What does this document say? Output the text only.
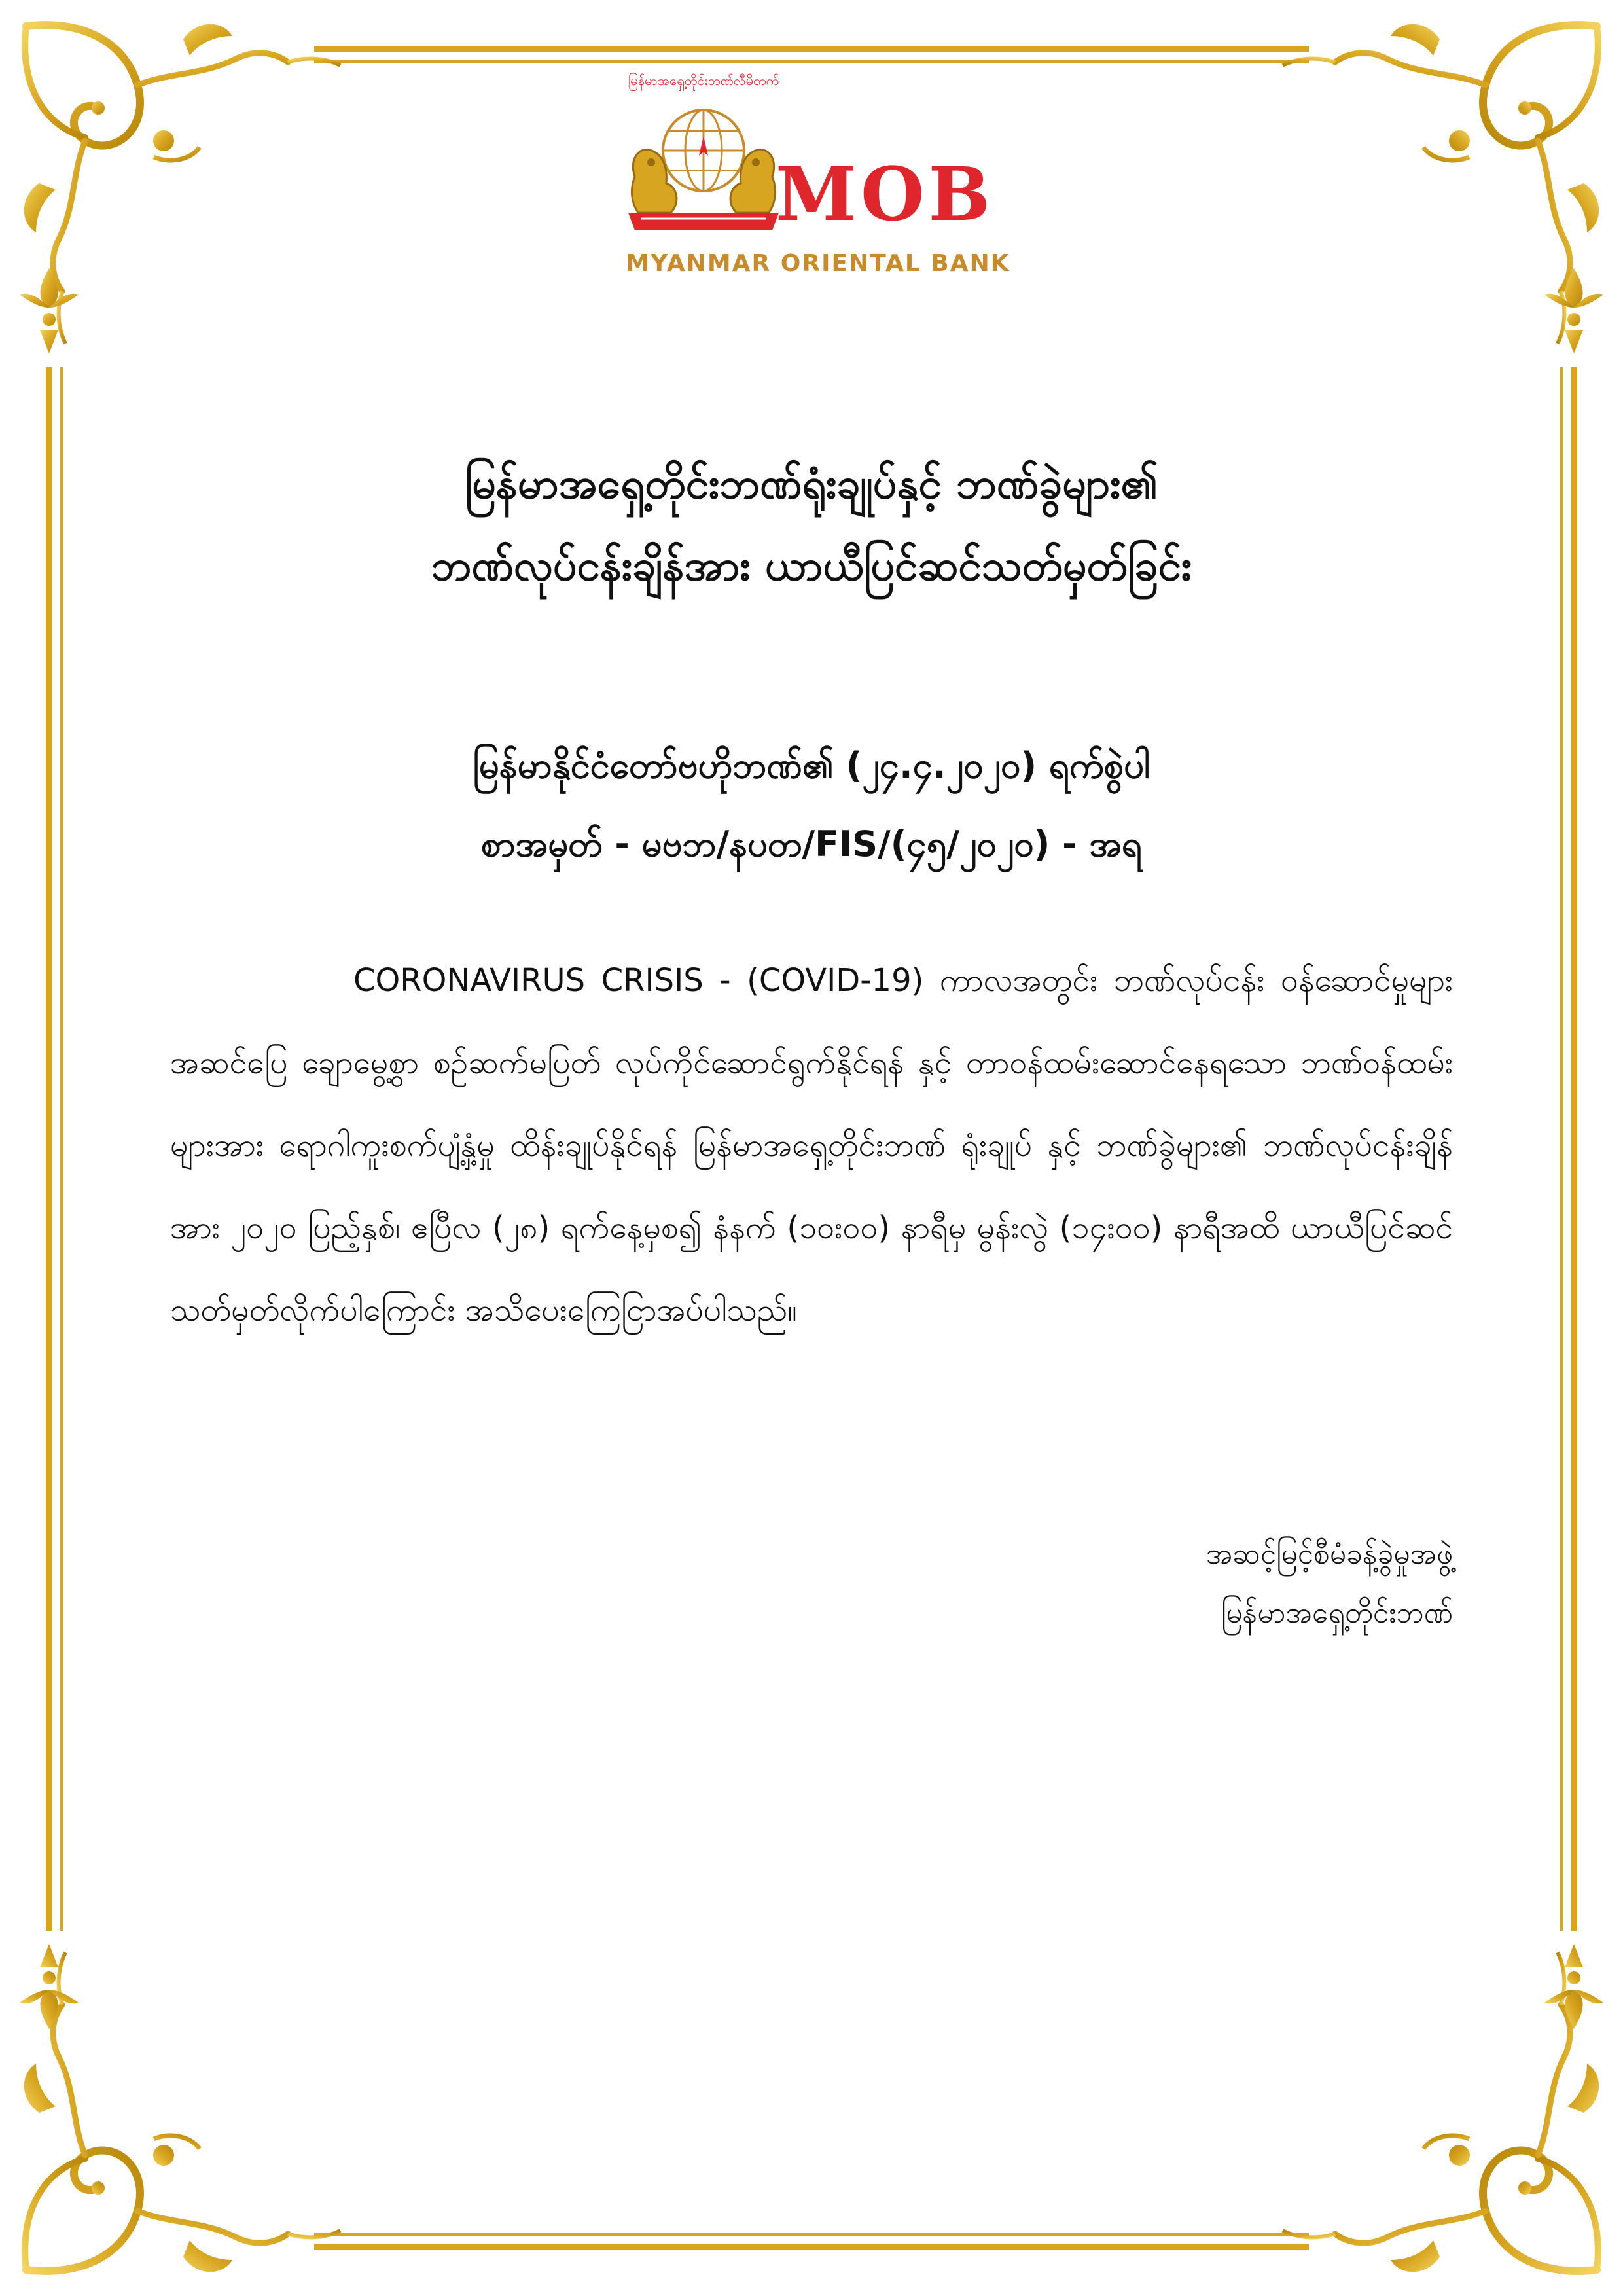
မြန်မာအရှေ့တိုင်းဘဏ်လီမိတက်
MOB
MYANMAR ORIENTAL BANK
မြန်မာအရှေ့တိုင်းဘဏ်ရုံးချုပ်နှင့် ဘဏ်ခွဲများ၏
ဘဏ်လုပ်ငန်းချိန်အား ယာယီပြင်ဆင်သတ်မှတ်ခြင်း
မြန်မာနိုင်ငံတော်ဗဟိုဘဏ်၏ (၂၄.၄.၂၀၂၀) ရက်စွဲပါ
စာအမှတ် - မဗဘ/နပတ/FIS/(၄၅/၂၀၂၀) - အရ
CORONAVIRUS CRISIS - (COVID-19) ကာလအတွင်း ဘဏ်လုပ်ငန်း ဝန်ဆောင်မှုများ အဆင်ပြေ ချောမွေ့စွာ စဉ်ဆက်မပြတ် လုပ်ကိုင်ဆောင်ရွက်နိုင်ရန် နှင့် တာဝန်ထမ်းဆောင်နေရသော ဘဏ်ဝန်ထမ်း များအား ရောဂါကူးစက်ပျံ့နှံ့မှု ထိန်းချုပ်နိုင်ရန် မြန်မာအရှေ့တိုင်းဘဏ် ရုံးချုပ် နှင့် ဘဏ်ခွဲများ၏ ဘဏ်လုပ်ငန်းချိန်အား ၂၀၂၀ ပြည့်နှစ်၊ ဧပြီလ (၂၈) ရက်နေ့မှစ၍ နံနက် (၁၀း၀၀) နာရီမှ မွန်းလွဲ (၁၄း၀၀) နာရီအထိ ယာယီပြင်ဆင်သတ်မှတ်လိုက်ပါကြောင်း အသိပေးကြေငြာအပ်ပါသည်။
အဆင့်မြင့်စီမံခန့်ခွဲမှုအဖွဲ့
မြန်မာအရှေ့တိုင်းဘဏ်
